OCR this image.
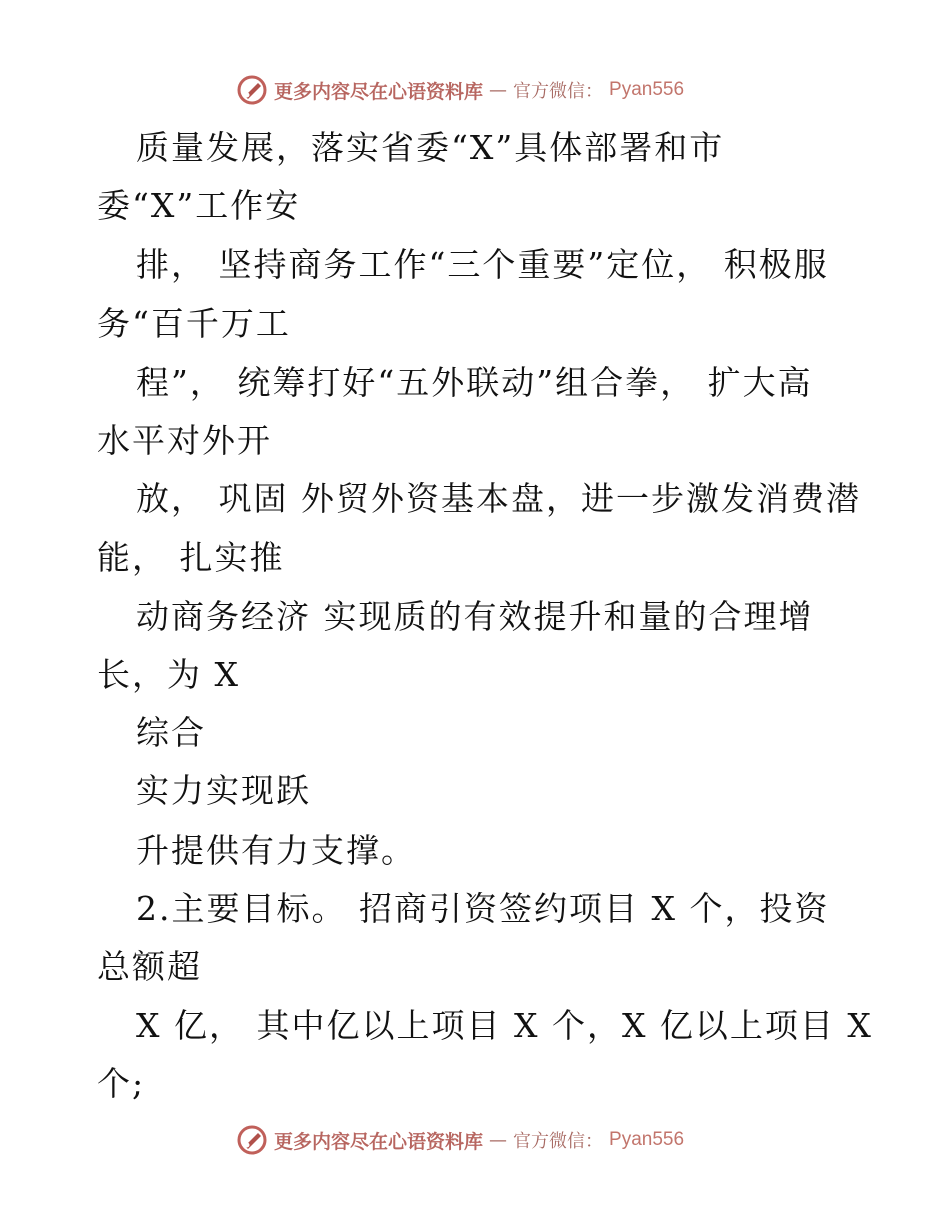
更多内容尽在心语资料库 — 官方微信： Pyan556
质量发展，落实省委“X”具体部署和市
委“X”工作安
排， 坚持商务工作“三个重要”定位， 积极服
务“百千万工
程”， 统筹打好“五外联动”组合拳， 扩大高
水平对外开
放， 巩固 外贸外资基本盘，进一步激发消费潜
能， 扎实推
动商务经济 实现质的有效提升和量的合理增
长，为 X
综合
实力实现跃
升提供有力支撑。
2.主要目标。 招商引资签约项目 X 个，投资
总额超
X 亿， 其中亿以上项目 X 个，X 亿以上项目 X
个;
更多内容尽在心语资料库 — 官方微信： Pyan556
